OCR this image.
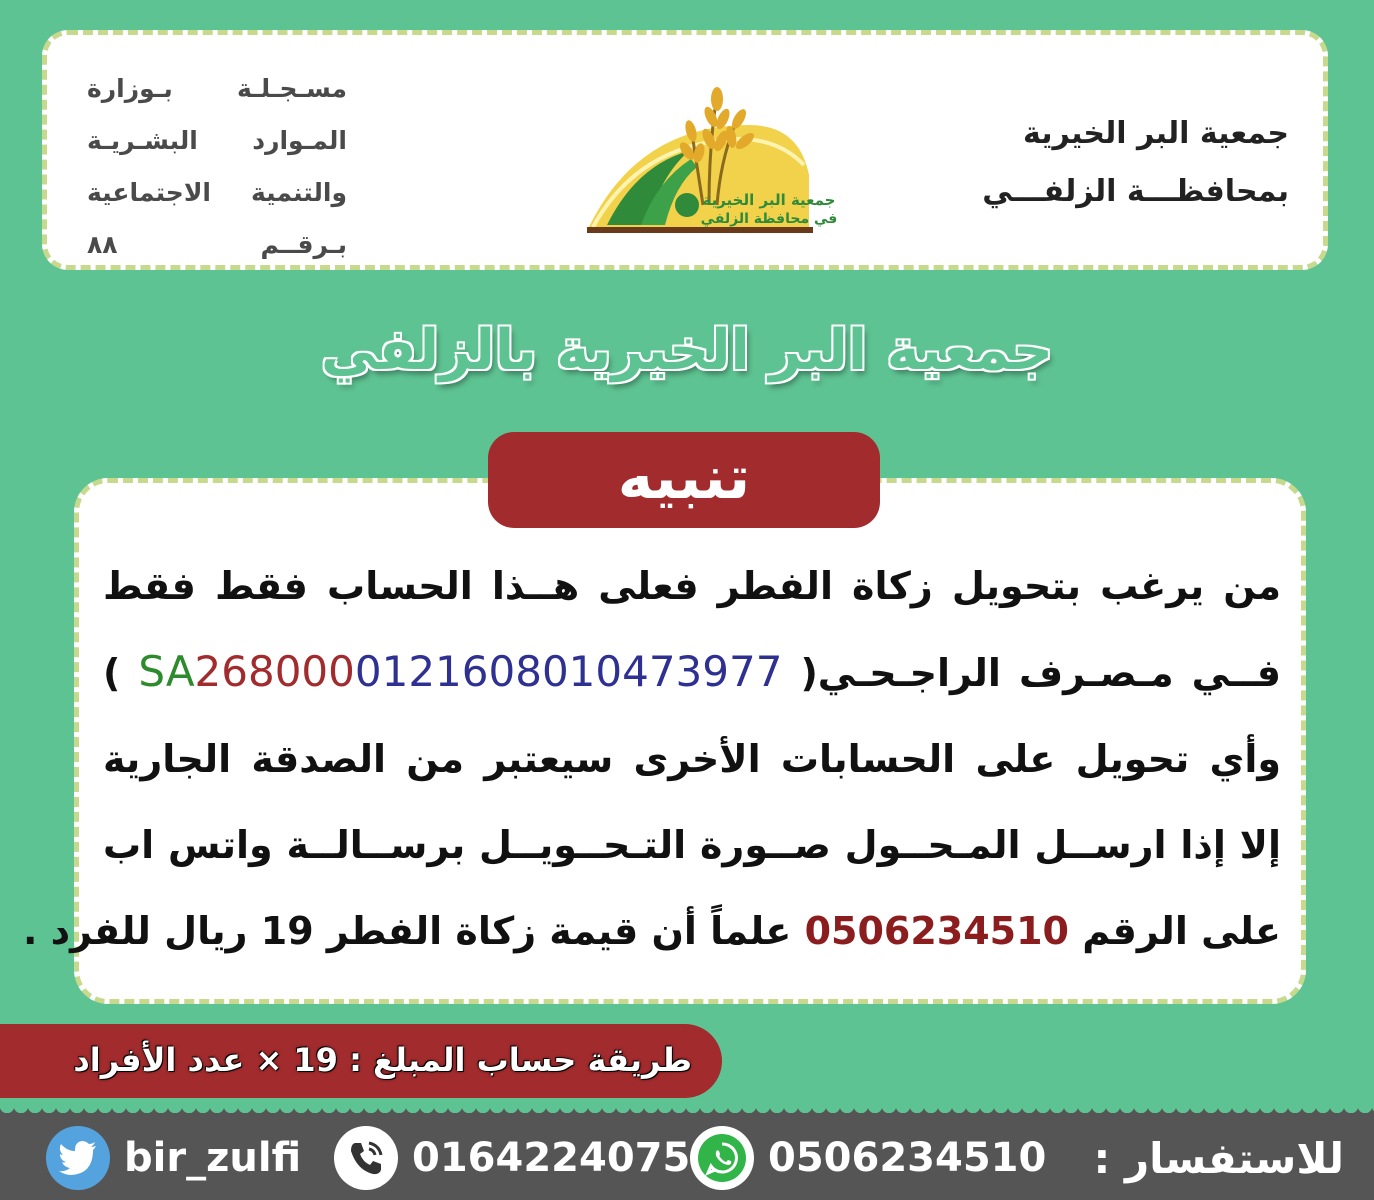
جمعية البر الخيرية
بمحافظـــة الزلفـــي
جمعية البر الخيرية
في محافظة الزلفي
مسـجـلـة بـوزارة
المـوارد البشـريـة
والتنمية الاجتماعية
بـرقــم ٨٨
جمعية البر الخيرية بالزلفي
من يرغب بتحويل زكاة الفطر فعلى هــذا الحساب فقط فقط
فــي مـصـرف الراجـحـي( SA2680000121608010473977 )
وأي تحويل على الحسابات الأخرى سيعتبر من الصدقة الجارية
إلا إذا ارســل المـحــول صــورة التـحــويــل برســالــة واتس اب
على الرقم 0506234510 علماً أن قيمة زكاة الفطر 19 ريال للفرد .
تنبيه
طريقة حساب المبلغ : 19 × عدد الأفراد
للاستفسار :
0506234510
0164224075
bir_zulfi
